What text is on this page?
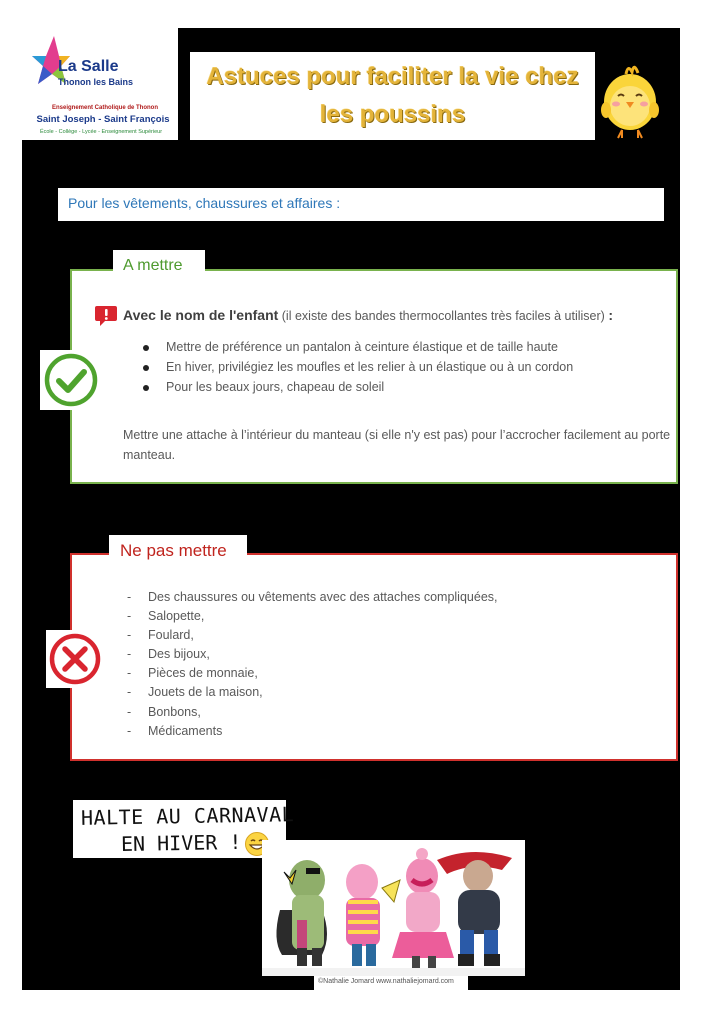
La Salle
Thonon les Bains
Enseignement Catholique de Thonon
Saint Joseph - Saint François
École - Collège - Lycée - Enseignement Supérieur
Astuces pour faciliter la vie chez
les poussins
Pour les vêtements, chaussures et affaires :
A mettre
Avec le nom de l'enfant (il existe des bandes thermocollantes très faciles à utiliser) :
Mettre de préférence un pantalon à ceinture élastique et de taille haute
En hiver, privilégiez les moufles et les relier à un élastique ou à un cordon
Pour les beaux jours, chapeau de soleil
Mettre une attache à l’intérieur du manteau (si elle n'y est pas) pour l’accrocher facilement au porte manteau.
Ne pas mettre
- Des chaussures ou vêtements avec des attaches compliquées,
- Salopette,
- Foulard,
- Des bijoux,
- Pièces de monnaie,
- Jouets de la maison,
- Bonbons,
- Médicaments
HALTE AU CARNAVAL
EN HIVER !
©Nathalie Jomard www.nathaliejomard.com
